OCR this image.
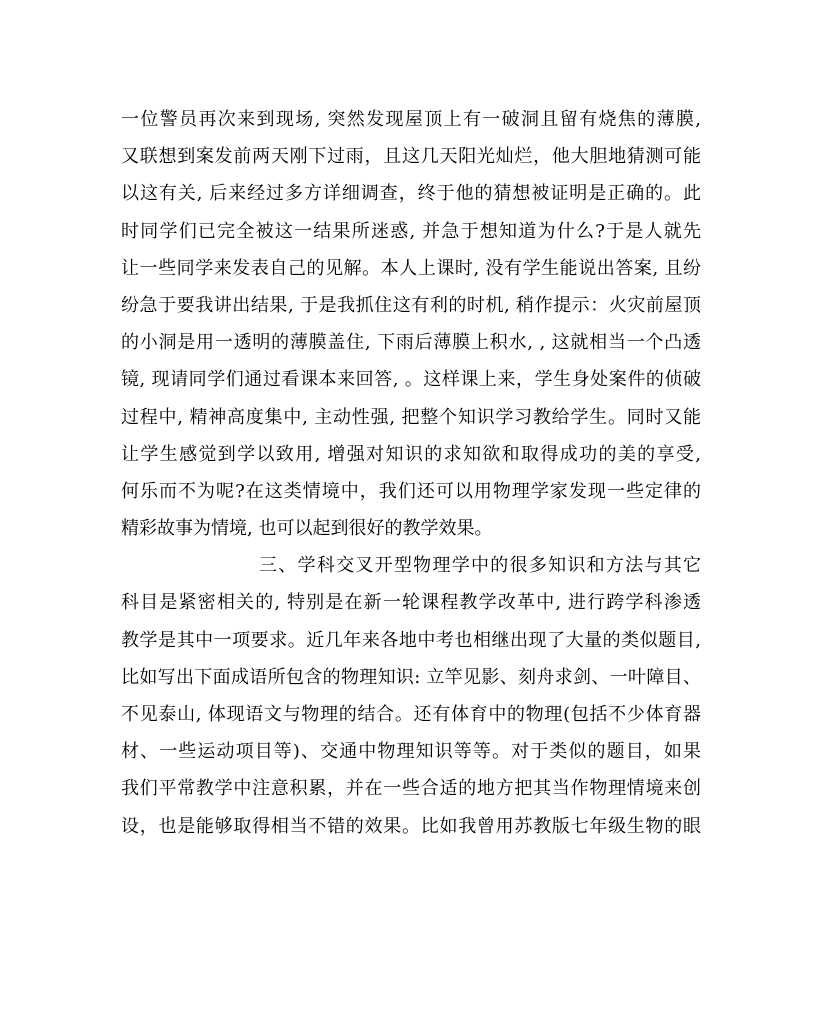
一位警员再次来到现场, 突然发现屋顶上有一破洞且留有烧焦的薄膜,
又联想到案发前两天刚下过雨，且这几天阳光灿烂，他大胆地猜测可能
以这有关, 后来经过多方详细调查，终于他的猜想被证明是正确的。此
时同学们已完全被这一结果所迷惑, 并急于想知道为什么?于是人就先
让一些同学来发表自己的见解。本人上课时, 没有学生能说出答案, 且纷
纷急于要我讲出结果, 于是我抓住这有利的时机, 稍作提示：火灾前屋顶
的小洞是用一透明的薄膜盖住, 下雨后薄膜上积水, , 这就相当一个凸透
镜, 现请同学们通过看课本来回答, 。这样课上来，学生身处案件的侦破
过程中, 精神高度集中, 主动性强, 把整个知识学习教给学生。同时又能
让学生感觉到学以致用, 增强对知识的求知欲和取得成功的美的享受,
何乐而不为呢?在这类情境中，我们还可以用物理学家发现一些定律的
精彩故事为情境, 也可以起到很好的教学效果。
三、学科交叉开型物理学中的很多知识和方法与其它
科目是紧密相关的, 特别是在新一轮课程教学改革中, 进行跨学科渗透
教学是其中一项要求。近几年来各地中考也相继出现了大量的类似题目,
比如写出下面成语所包含的物理知识: 立竿见影、刻舟求剑、一叶障目、
不见泰山, 体现语文与物理的结合。还有体育中的物理(包括不少体育器
材、一些运动项目等)、交通中物理知识等等。对于类似的题目，如果
我们平常教学中注意积累，并在一些合适的地方把其当作物理情境来创
设，也是能够取得相当不错的效果。比如我曾用苏教版七年级生物的眼
